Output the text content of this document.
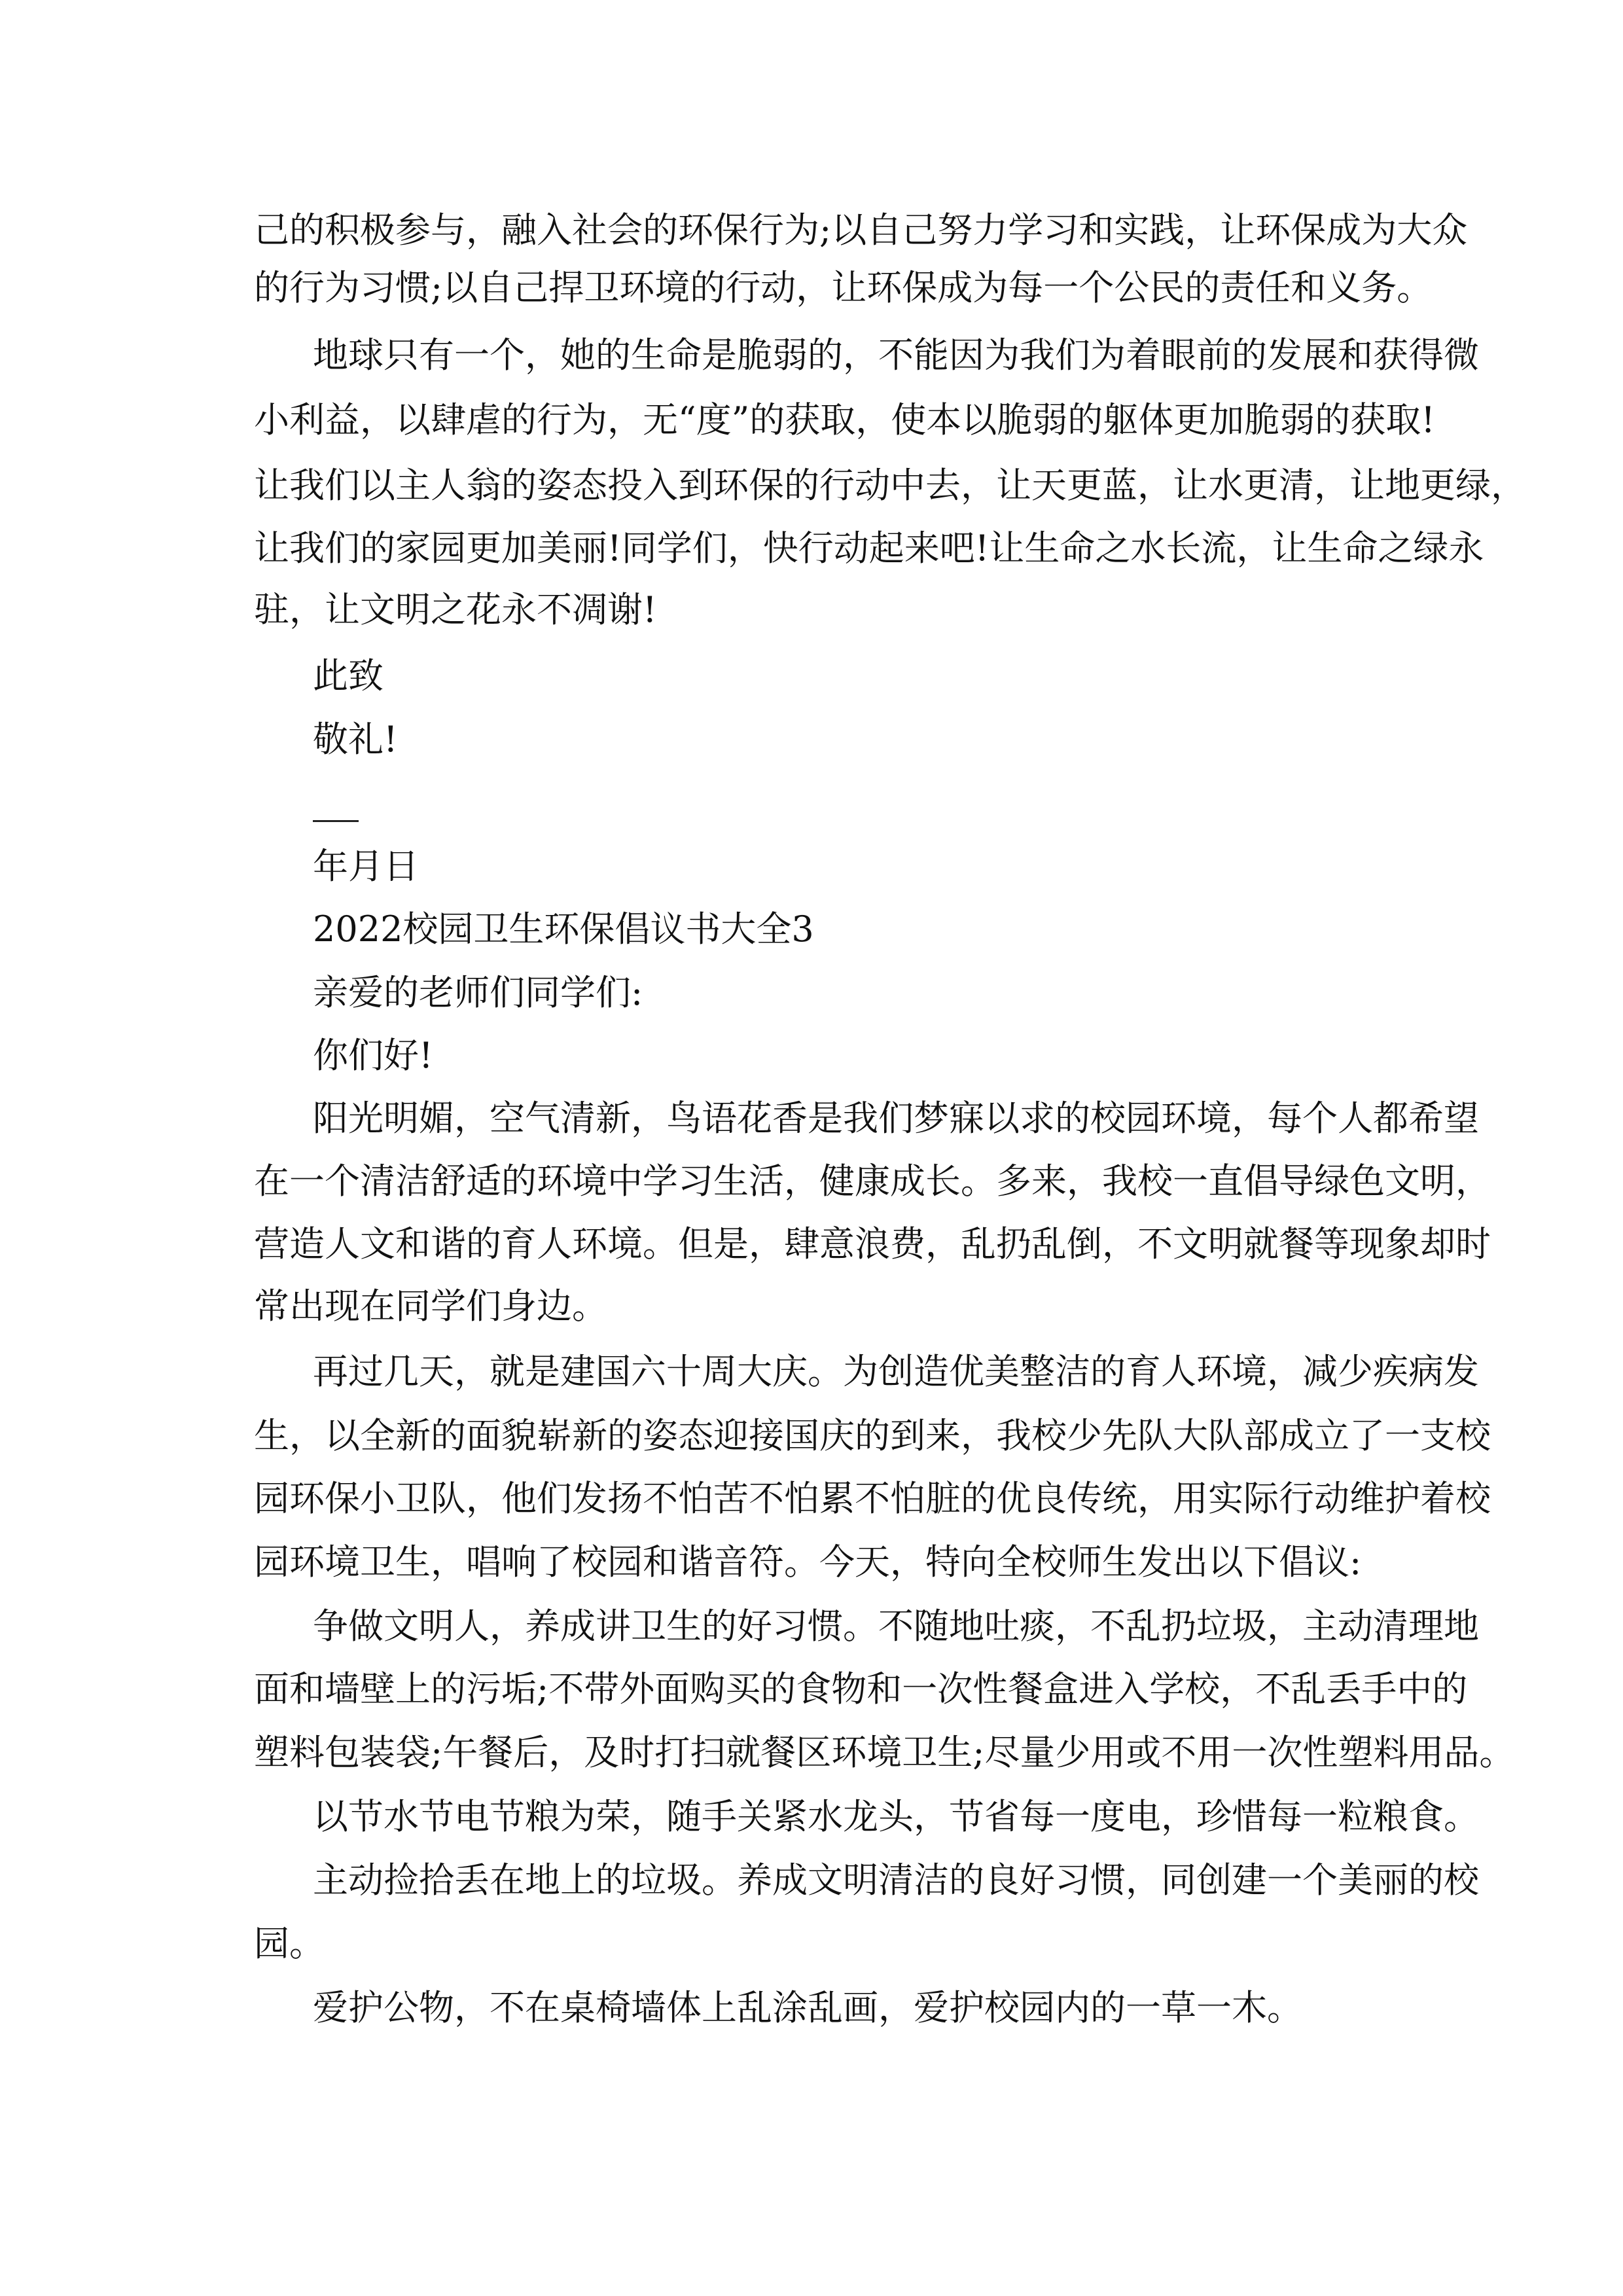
己的积极参与，融入社会的环保行为;以自己努力学习和实践，让环保成为大众
的行为习惯;以自己捍卫环境的行动，让环保成为每一个公民的责任和义务。
地球只有一个，她的生命是脆弱的，不能因为我们为着眼前的发展和获得微
小利益，以肆虐的行为，无“度”的获取，使本以脆弱的躯体更加脆弱的获取!
让我们以主人翁的姿态投入到环保的行动中去，让天更蓝，让水更清，让地更绿，
让我们的家园更加美丽!同学们，快行动起来吧!让生命之水长流，让生命之绿永
驻，让文明之花永不凋谢!
此致
敬礼!
年月日
2022校园卫生环保倡议书大全3
亲爱的老师们同学们:
你们好!
阳光明媚，空气清新，鸟语花香是我们梦寐以求的校园环境，每个人都希望
在一个清洁舒适的环境中学习生活，健康成长。多来，我校一直倡导绿色文明，
营造人文和谐的育人环境。但是，肆意浪费，乱扔乱倒，不文明就餐等现象却时
常出现在同学们身边。
再过几天，就是建国六十周大庆。为创造优美整洁的育人环境，减少疾病发
生，以全新的面貌崭新的姿态迎接国庆的到来，我校少先队大队部成立了一支校
园环保小卫队，他们发扬不怕苦不怕累不怕脏的优良传统，用实际行动维护着校
园环境卫生，唱响了校园和谐音符。今天，特向全校师生发出以下倡议:
争做文明人，养成讲卫生的好习惯。不随地吐痰，不乱扔垃圾，主动清理地
面和墙壁上的污垢;不带外面购买的食物和一次性餐盒进入学校，不乱丢手中的
塑料包装袋;午餐后，及时打扫就餐区环境卫生;尽量少用或不用一次性塑料用品。
以节水节电节粮为荣，随手关紧水龙头，节省每一度电，珍惜每一粒粮食。
主动捡拾丢在地上的垃圾。养成文明清洁的良好习惯，同创建一个美丽的校
园。
爱护公物，不在桌椅墙体上乱涂乱画，爱护校园内的一草一木。
